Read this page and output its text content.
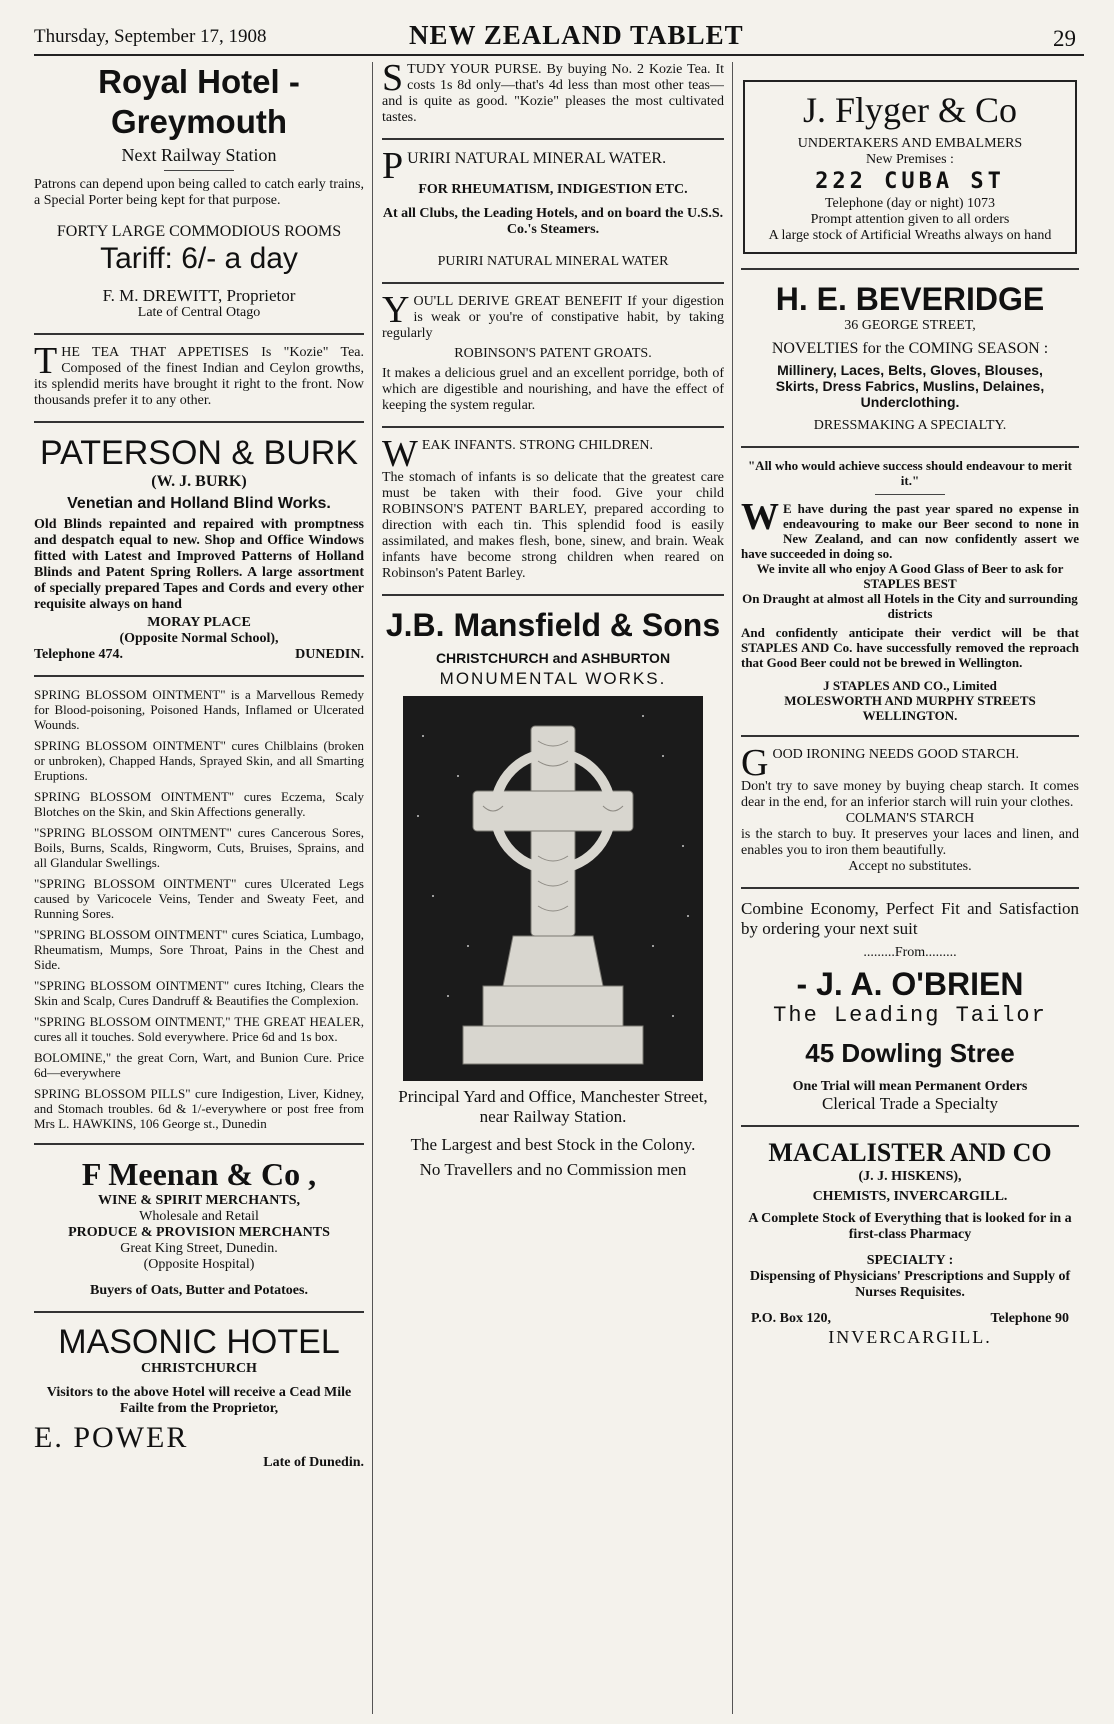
Thursday, September 17, 1908	NEW ZEALAND TABLET	29
Royal Hotel - Greymouth
Next Railway Station
Patrons can depend upon being called to catch early trains, a Special Porter being kept for that purpose.
FORTY LARGE COMMODIOUS ROOMS
Tariff: 6/- a day
F. M. DREWITT, Proprietor
Late of Central Otago
T HE TEA THAT APPETISES Is "Kozie" Tea. Composed of the finest Indian and Ceylon growths, its splendid merits have brought it right to the front. Now thousands prefer it to any other.
PATERSON & BURK
(W. J. BURK)
Venetian and Holland Blind Works.
Old Blinds repainted and repaired with promptness and despatch equal to new. Shop and Office Windows fitted with Latest and Improved Patterns of Holland Blinds and Patent Spring Rollers. A large assortment of specially prepared Tapes and Cords and every other requisite always on hand
MORAY PLACE
(Opposite Normal School),
Telephone 474.	DUNEDIN.

SPRING BLOSSOM OINTMENT" is a Marvellous Remedy for Blood-poisoning, Poisoned Hands, Inflamed or Ulcerated Wounds.

SPRING BLOSSOM OINTMENT" cures Chilblains (broken or unbroken), Chapped Hands, Sprayed Skin, and all Smarting Eruptions.

SPRING BLOSSOM OINTMENT" cures Eczema, Scaly Blotches on the Skin, and Skin Affections generally.

"SPRING BLOSSOM OINTMENT" cures Cancerous Sores, Boils, Burns, Scalds, Ringworm, Cuts, Bruises, Sprains, and all Glandular Swellings.

"SPRING BLOSSOM OINTMENT" cures Ulcerated Legs caused by Varicocele Veins, Tender and Sweaty Feet, and Running Sores.

"SPRING BLOSSOM OINTMENT" cures Sciatica, Lumbago, Rheumatism, Mumps, Sore Throat, Pains in the Chest and Side.

"SPRING BLOSSOM OINTMENT" cures Itching, Clears the Skin and Scalp, Cures Dandruff & Beautifies the Complexion.

"SPRING BLOSSOM OINTMENT," THE GREAT HEALER, cures all it touches. Sold everywhere. Price 6d and 1s box.

BOLOMINE," the great Corn, Wart, and Bunion Cure. Price 6d—everywhere

SPRING BLOSSOM PILLS" cure Indigestion, Liver, Kidney, and Stomach troubles. 6d & 1/-everywhere or post free from Mrs L. HAWKINS, 106 George st., Dunedin

F Meenan & Co ,
WINE & SPIRIT MERCHANTS,
Wholesale and Retail
PRODUCE & PROVISION MERCHANTS
Great King Street, Dunedin.
(Opposite Hospital)
Buyers of Oats, Butter and Potatoes.
MASONIC HOTEL
CHRISTCHURCH
Visitors to the above Hotel will receive a Cead Mile Failte from the Proprietor,
E. POWER
Late of Dunedin.
S TUDY YOUR PURSE. By buying No. 2 Kozie Tea. It costs 1s 8d only—that's 4d less than most other teas—and is quite as good. "Kozie" pleases the most cultivated tastes.
P URIRI NATURAL MINERAL WATER.
FOR RHEUMATISM, INDIGESTION ETC.
At all Clubs, the Leading Hotels, and on board the U.S.S. Co.'s Steamers.
PURIRI NATURAL MINERAL WATER
Y OU'LL DERIVE GREAT BENEFIT If your digestion is weak or you're of constipative habit, by taking regularly
ROBINSON'S PATENT GROATS.
It makes a delicious gruel and an excellent porridge, both of which are digestible and nourishing, and have the effect of keeping the system regular.
W EAK INFANTS. STRONG CHILDREN.
The stomach of infants is so delicate that the greatest care must be taken with their food. Give your child ROBINSON'S PATENT BARLEY, prepared according to direction with each tin. This splendid food is easily assimilated, and makes flesh, bone, sinew, and brain. Weak infants have become strong children when reared on Robinson's Patent Barley.
J.B. Mansfield & Sons
CHRISTCHURCH and ASHBURTON
MONUMENTAL WORKS.
Principal Yard and Office, Manchester Street, near Railway Station.
The Largest and best Stock in the Colony.
No Travellers and no Commission men
J. Flyger & Co
UNDERTAKERS AND EMBALMERS
New Premises :
222 CUBA ST
Telephone (day or night) 1073
Prompt attention given to all orders
A large stock of Artificial Wreaths always on hand
H. E. BEVERIDGE
36 GEORGE STREET,
NOVELTIES for the COMING SEASON :
Millinery, Laces, Belts, Gloves, Blouses, Skirts, Dress Fabrics, Muslins, Delaines, Underclothing.
DRESSMAKING A SPECIALTY.
"All who would achieve success should endeavour to merit it."
W E have during the past year spared no expense in endeavouring to make our Beer second to none in New Zealand, and can now confidently assert we have succeeded in doing so.
We invite all who enjoy A Good Glass of Beer to ask for
STAPLES BEST
On Draught at almost all Hotels in the City and surrounding districts
And confidently anticipate their verdict will be that STAPLES AND Co. have successfully removed the reproach that Good Beer could not be brewed in Wellington.
J STAPLES AND CO., Limited
MOLESWORTH AND MURPHY STREETS
WELLINGTON.
G OOD IRONING NEEDS GOOD STARCH.
Don't try to save money by buying cheap starch. It comes dear in the end, for an inferior starch will ruin your clothes.
COLMAN'S STARCH
is the starch to buy. It preserves your laces and linen, and enables you to iron them beautifully.
Accept no substitutes.
Combine Economy, Perfect Fit and Satisfaction by ordering your next suit
.........From.........
- J. A. O'BRIEN
The Leading Tailor
45 Dowling Stree
One Trial will mean Permanent Orders
Clerical Trade a Specialty
MACALISTER AND CO
(J. J. HISKENS),
CHEMISTS, INVERCARGILL.
A Complete Stock of Everything that is looked for in a first-class Pharmacy
SPECIALTY :
Dispensing of Physicians' Prescriptions and Supply of Nurses Requisites.
P.O. Box 120,	Telephone 90
INVERCARGILL.
